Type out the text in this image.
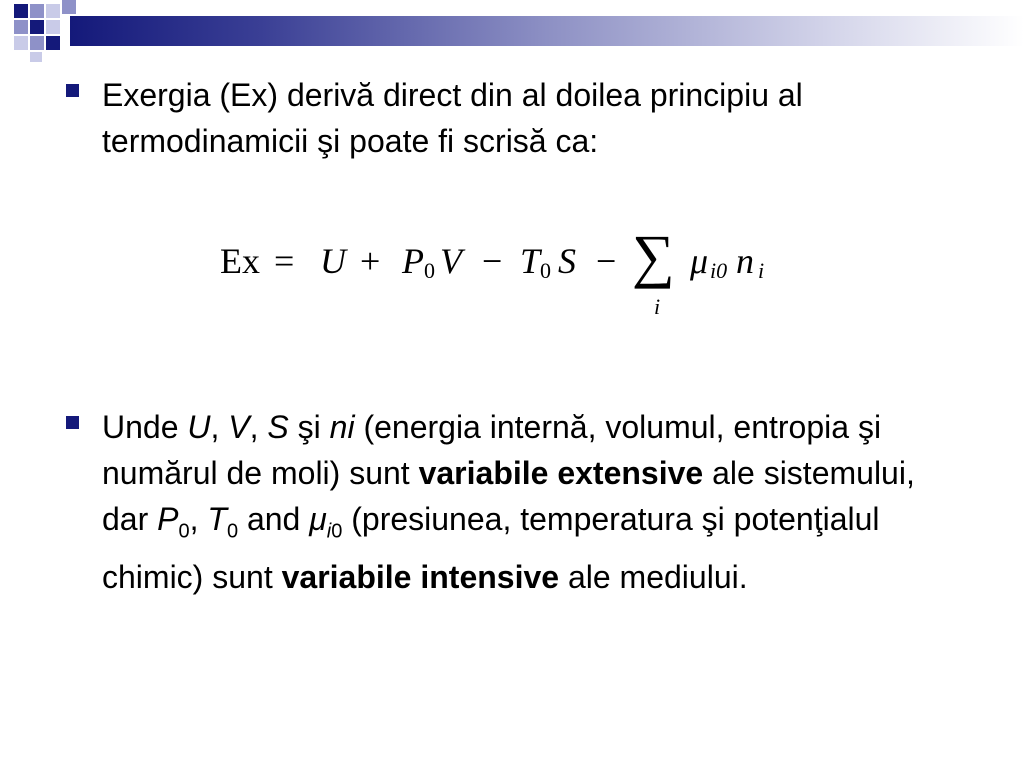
Exergia (Ex) derivă direct din al doilea principiu al termodinamicii şi poate fi scrisă ca:
Ex = U + P 0 V − T 0 S − ∑
i
μ i0 n i
Unde U, V, S şi ni (energia internă, volumul, entropia şi numărul de moli) sunt variabile extensive ale sistemului, dar $P_0$, $T_0$ and $\mu_{i0}$ (presiunea, temperatura şi potenţialul chimic) sunt variabile intensive ale mediului.
